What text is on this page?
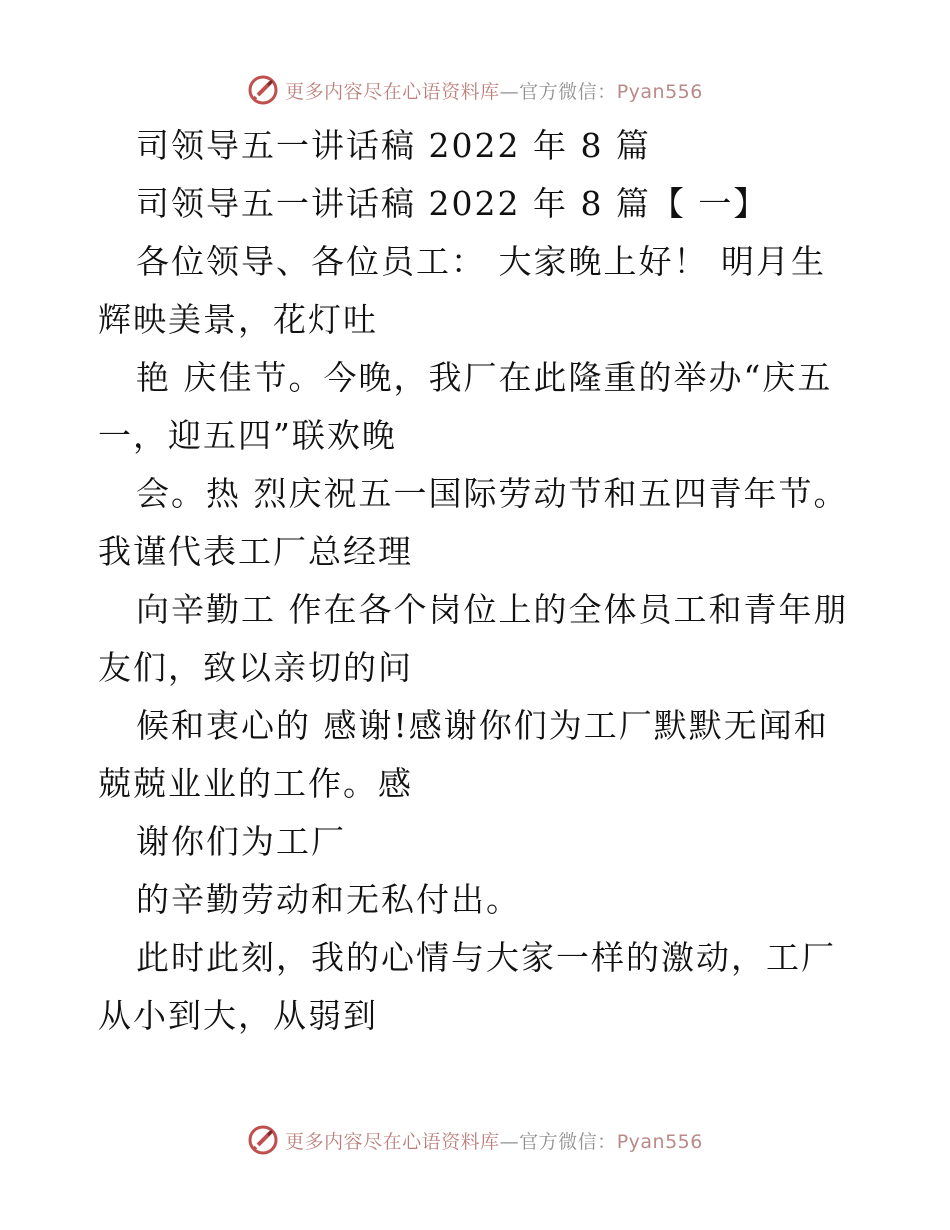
更多内容尽在心语资料库—官方微信：Pyan556

司领导五一讲话稿 2022 年 8 篇

司领导五一讲话稿 2022 年 8 篇【 一】

各位领导、各位员工： 大家晚上好！ 明月生辉映美景，花灯吐

艳 庆佳节。今晚，我厂在此隆重的举办“庆五一，迎五四”联欢晚

会。热 烈庆祝五一国际劳动节和五四青年节。我谨代表工厂总经理

向辛勤工 作在各个岗位上的全体员工和青年朋友们，致以亲切的问

候和衷心的 感谢!感谢你们为工厂默默无闻和兢兢业业的工作。感

谢你们为工厂

的辛勤劳动和无私付出。

此时此刻，我的心情与大家一样的激动，工厂从小到大，从弱到

更多内容尽在心语资料库—官方微信：Pyan556
